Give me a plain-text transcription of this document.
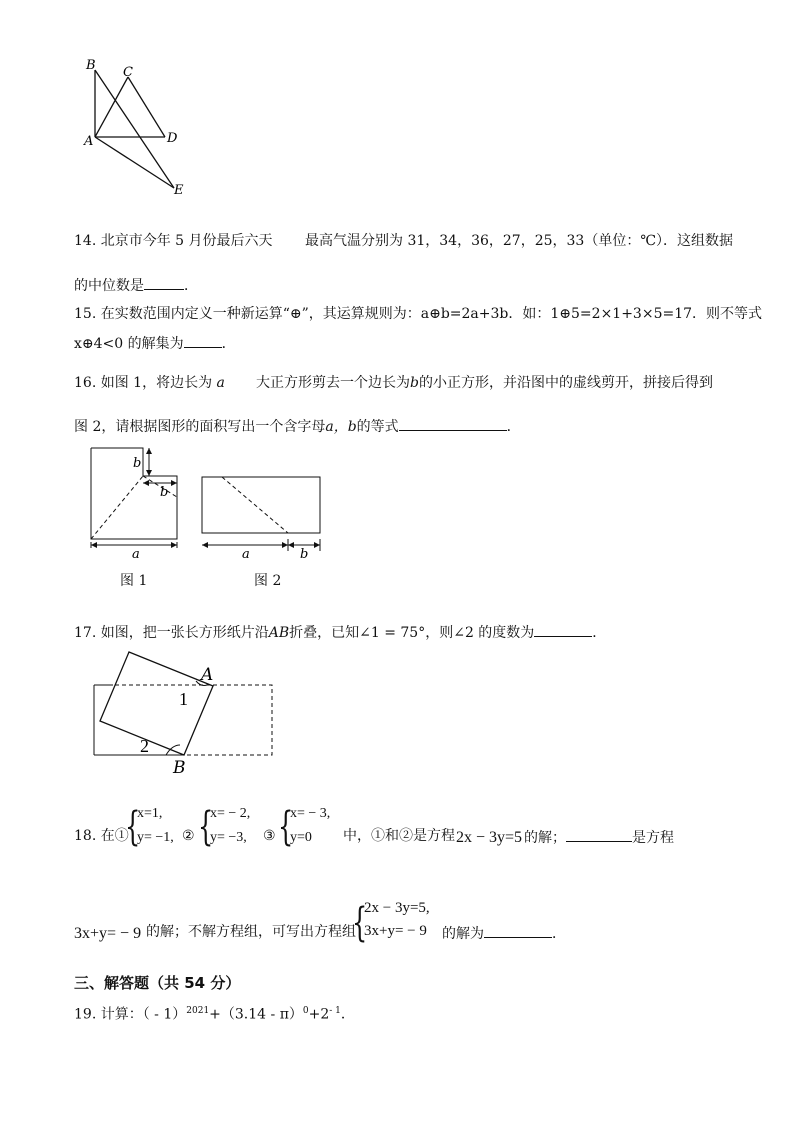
B C
A	D
E
14. 北京市今年 5 月份最后六天 最高气温分别为 31，34，36，27，25，33（单位：℃）．这组数据
的中位数是	．
15. 在实数范围内定义一种新运算“⊕”，其运算规则为：a⊕b=2a+3b．如：1⊕5=2×1+3×5=17．则不等式
x⊕4<0 的解集为	．
16. 如图 1，将边长为 a 大正方形剪去一个边长为b的小正方形，并沿图中的虚线剪开，拼接后得到
图 2，请根据图形的面积写出一个含字母a，b的等式	．
b
b
a	a	b
图 1	图 2
17. 如图，把一张长方形纸片沿AB折叠，已知∠1 = 75°，则∠2 的度数为	．
A
B
1
2
18. 在①
{
x=1,
y= −1, ② {
x= − 2,
y= −3, ③ {
x= − 3,
y=0	中，①和②是方程 2x − 3y=5 的解；	是方程
3x+y= − 9 的解；不解方程组，可写出方程组
{
2x − 3y=5,
3x+y= − 9 的解为	．
三、解答题（共 54 分）
19. 计算：（ - $1)^{2021}+(3.14 - \pi)^0+2^{- 1}$．
